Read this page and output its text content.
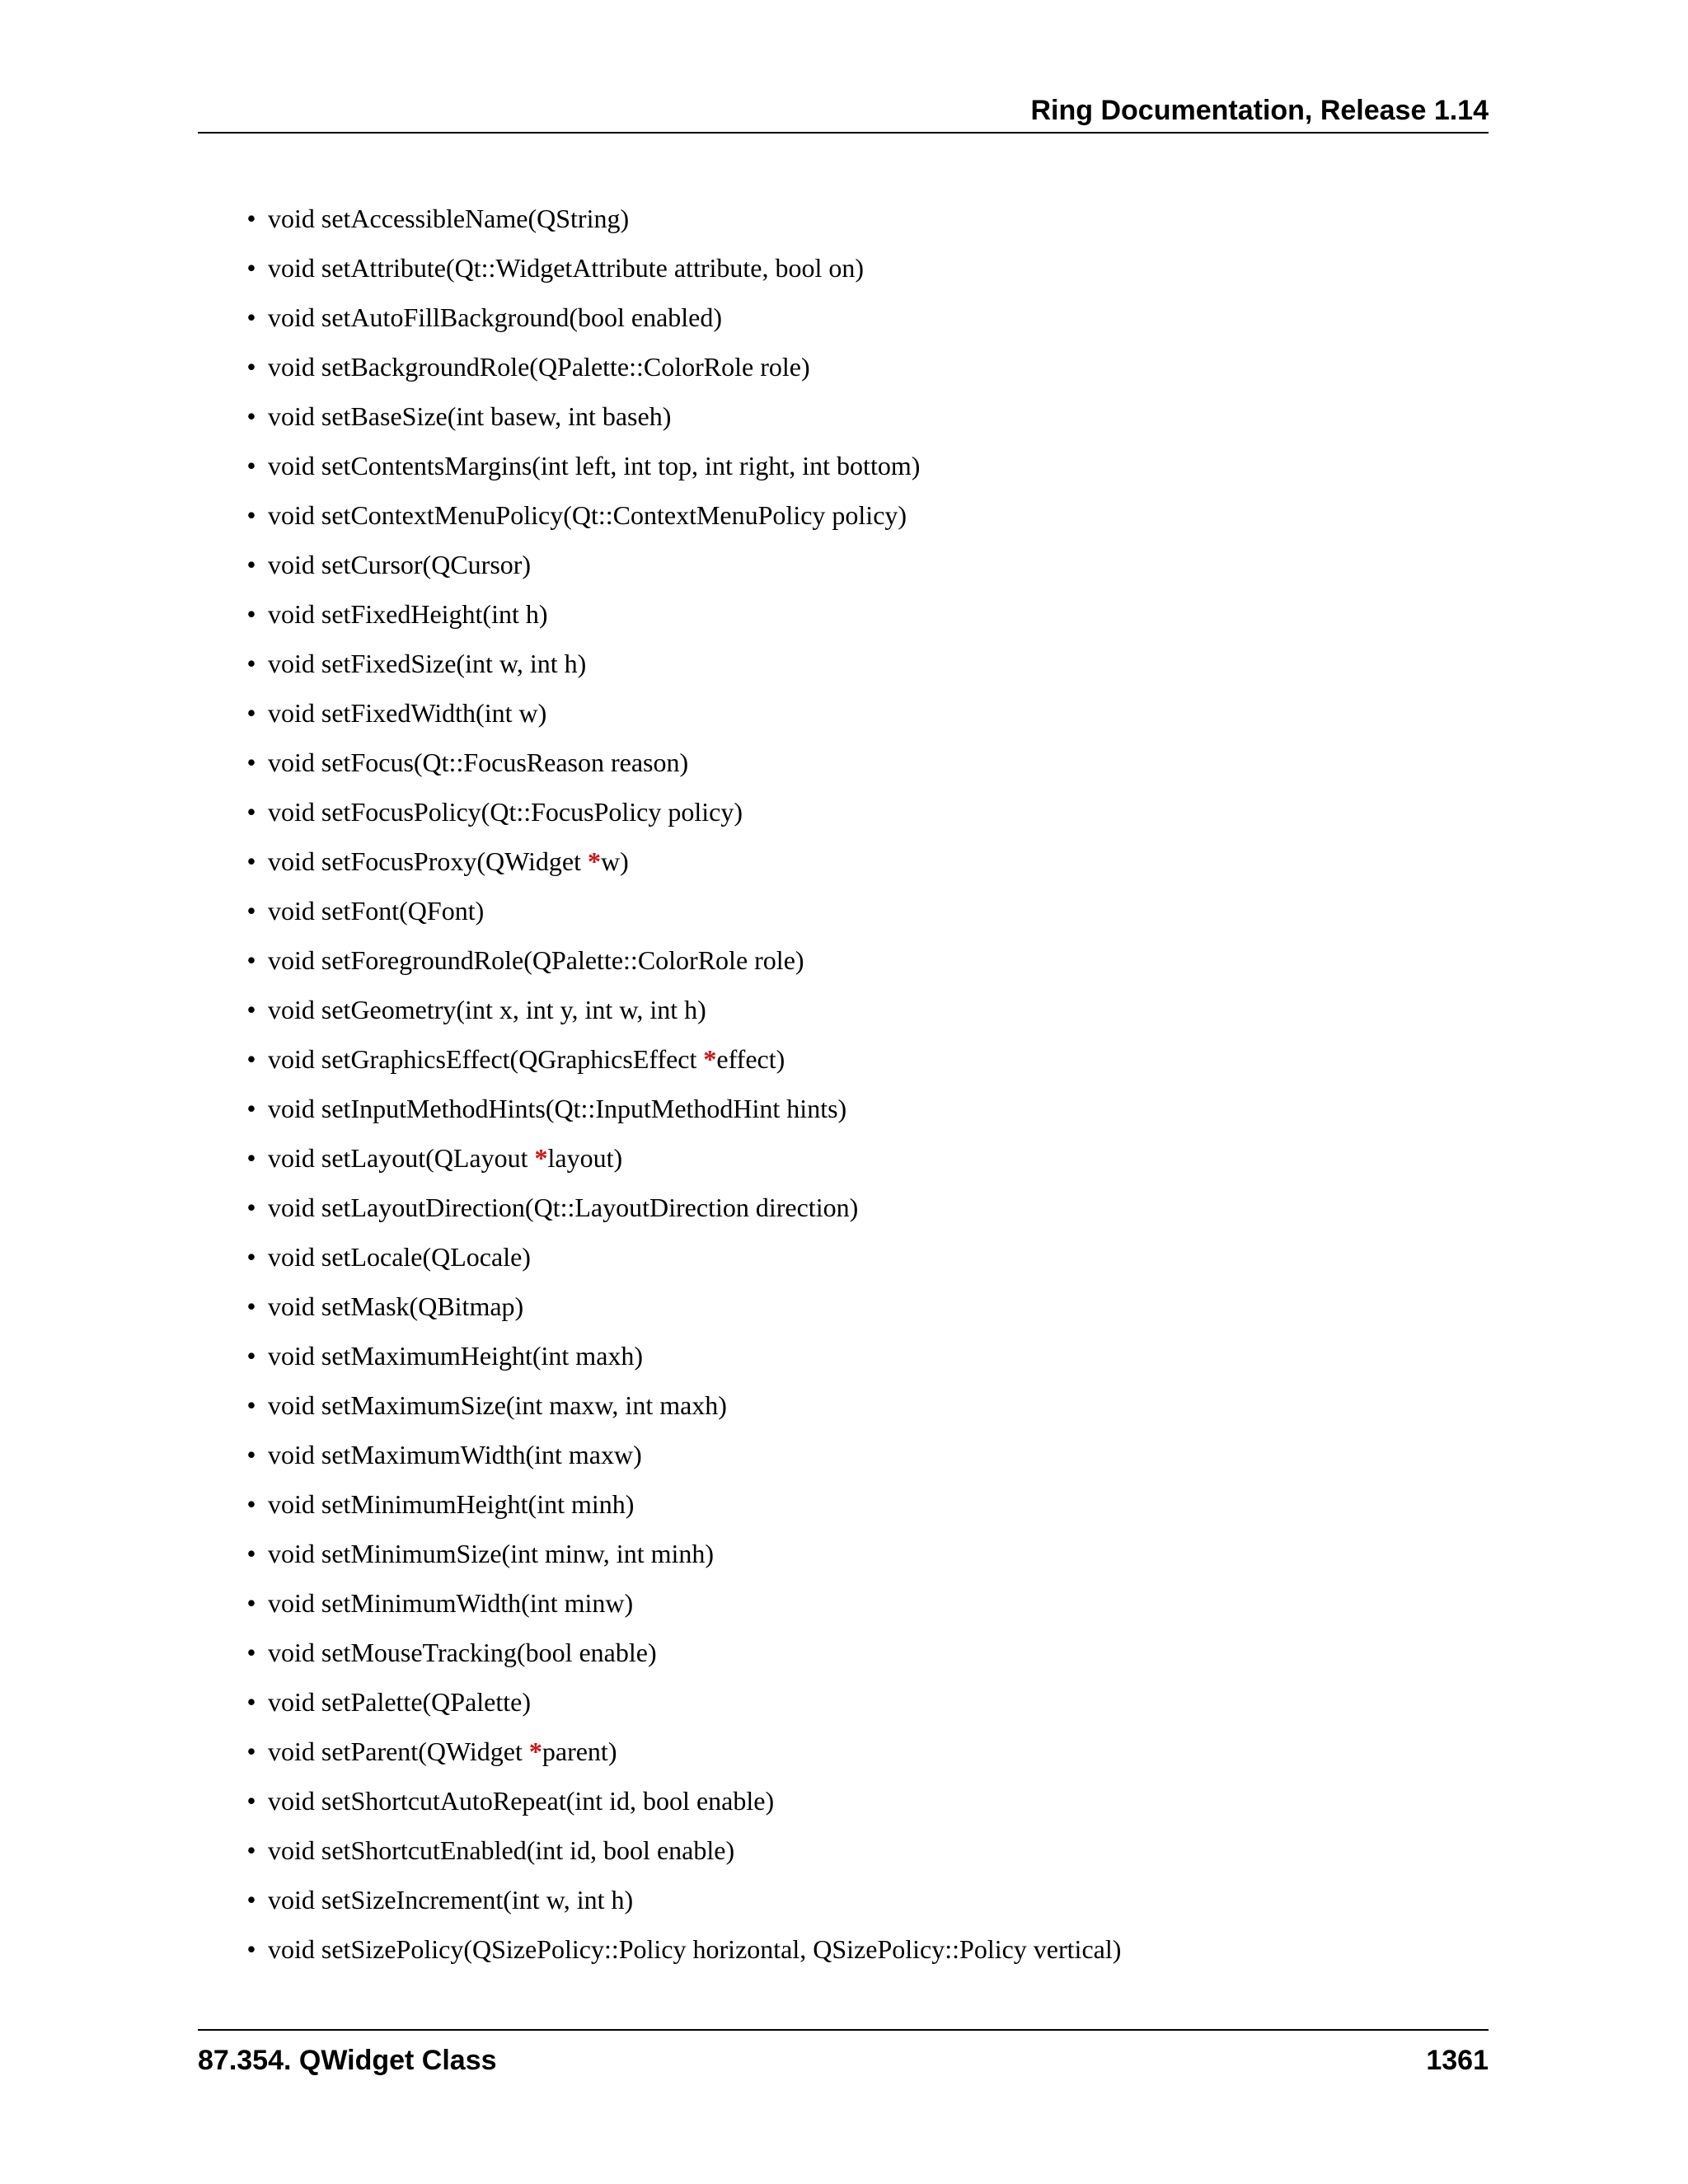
Ring Documentation, Release 1.14
• void setAccessibleName(QString)
• void setAttribute(Qt::WidgetAttribute attribute, bool on)
• void setAutoFillBackground(bool enabled)
• void setBackgroundRole(QPalette::ColorRole role)
• void setBaseSize(int basew, int baseh)
• void setContentsMargins(int left, int top, int right, int bottom)
• void setContextMenuPolicy(Qt::ContextMenuPolicy policy)
• void setCursor(QCursor)
• void setFixedHeight(int h)
• void setFixedSize(int w, int h)
• void setFixedWidth(int w)
• void setFocus(Qt::FocusReason reason)
• void setFocusPolicy(Qt::FocusPolicy policy)
• void setFocusProxy(QWidget *w)
• void setFont(QFont)
• void setForegroundRole(QPalette::ColorRole role)
• void setGeometry(int x, int y, int w, int h)
• void setGraphicsEffect(QGraphicsEffect *effect)
• void setInputMethodHints(Qt::InputMethodHint hints)
• void setLayout(QLayout *layout)
• void setLayoutDirection(Qt::LayoutDirection direction)
• void setLocale(QLocale)
• void setMask(QBitmap)
• void setMaximumHeight(int maxh)
• void setMaximumSize(int maxw, int maxh)
• void setMaximumWidth(int maxw)
• void setMinimumHeight(int minh)
• void setMinimumSize(int minw, int minh)
• void setMinimumWidth(int minw)
• void setMouseTracking(bool enable)
• void setPalette(QPalette)
• void setParent(QWidget *parent)
• void setShortcutAutoRepeat(int id, bool enable)
• void setShortcutEnabled(int id, bool enable)
• void setSizeIncrement(int w, int h)
• void setSizePolicy(QSizePolicy::Policy horizontal, QSizePolicy::Policy vertical)
87.354. QWidget Class	1361
